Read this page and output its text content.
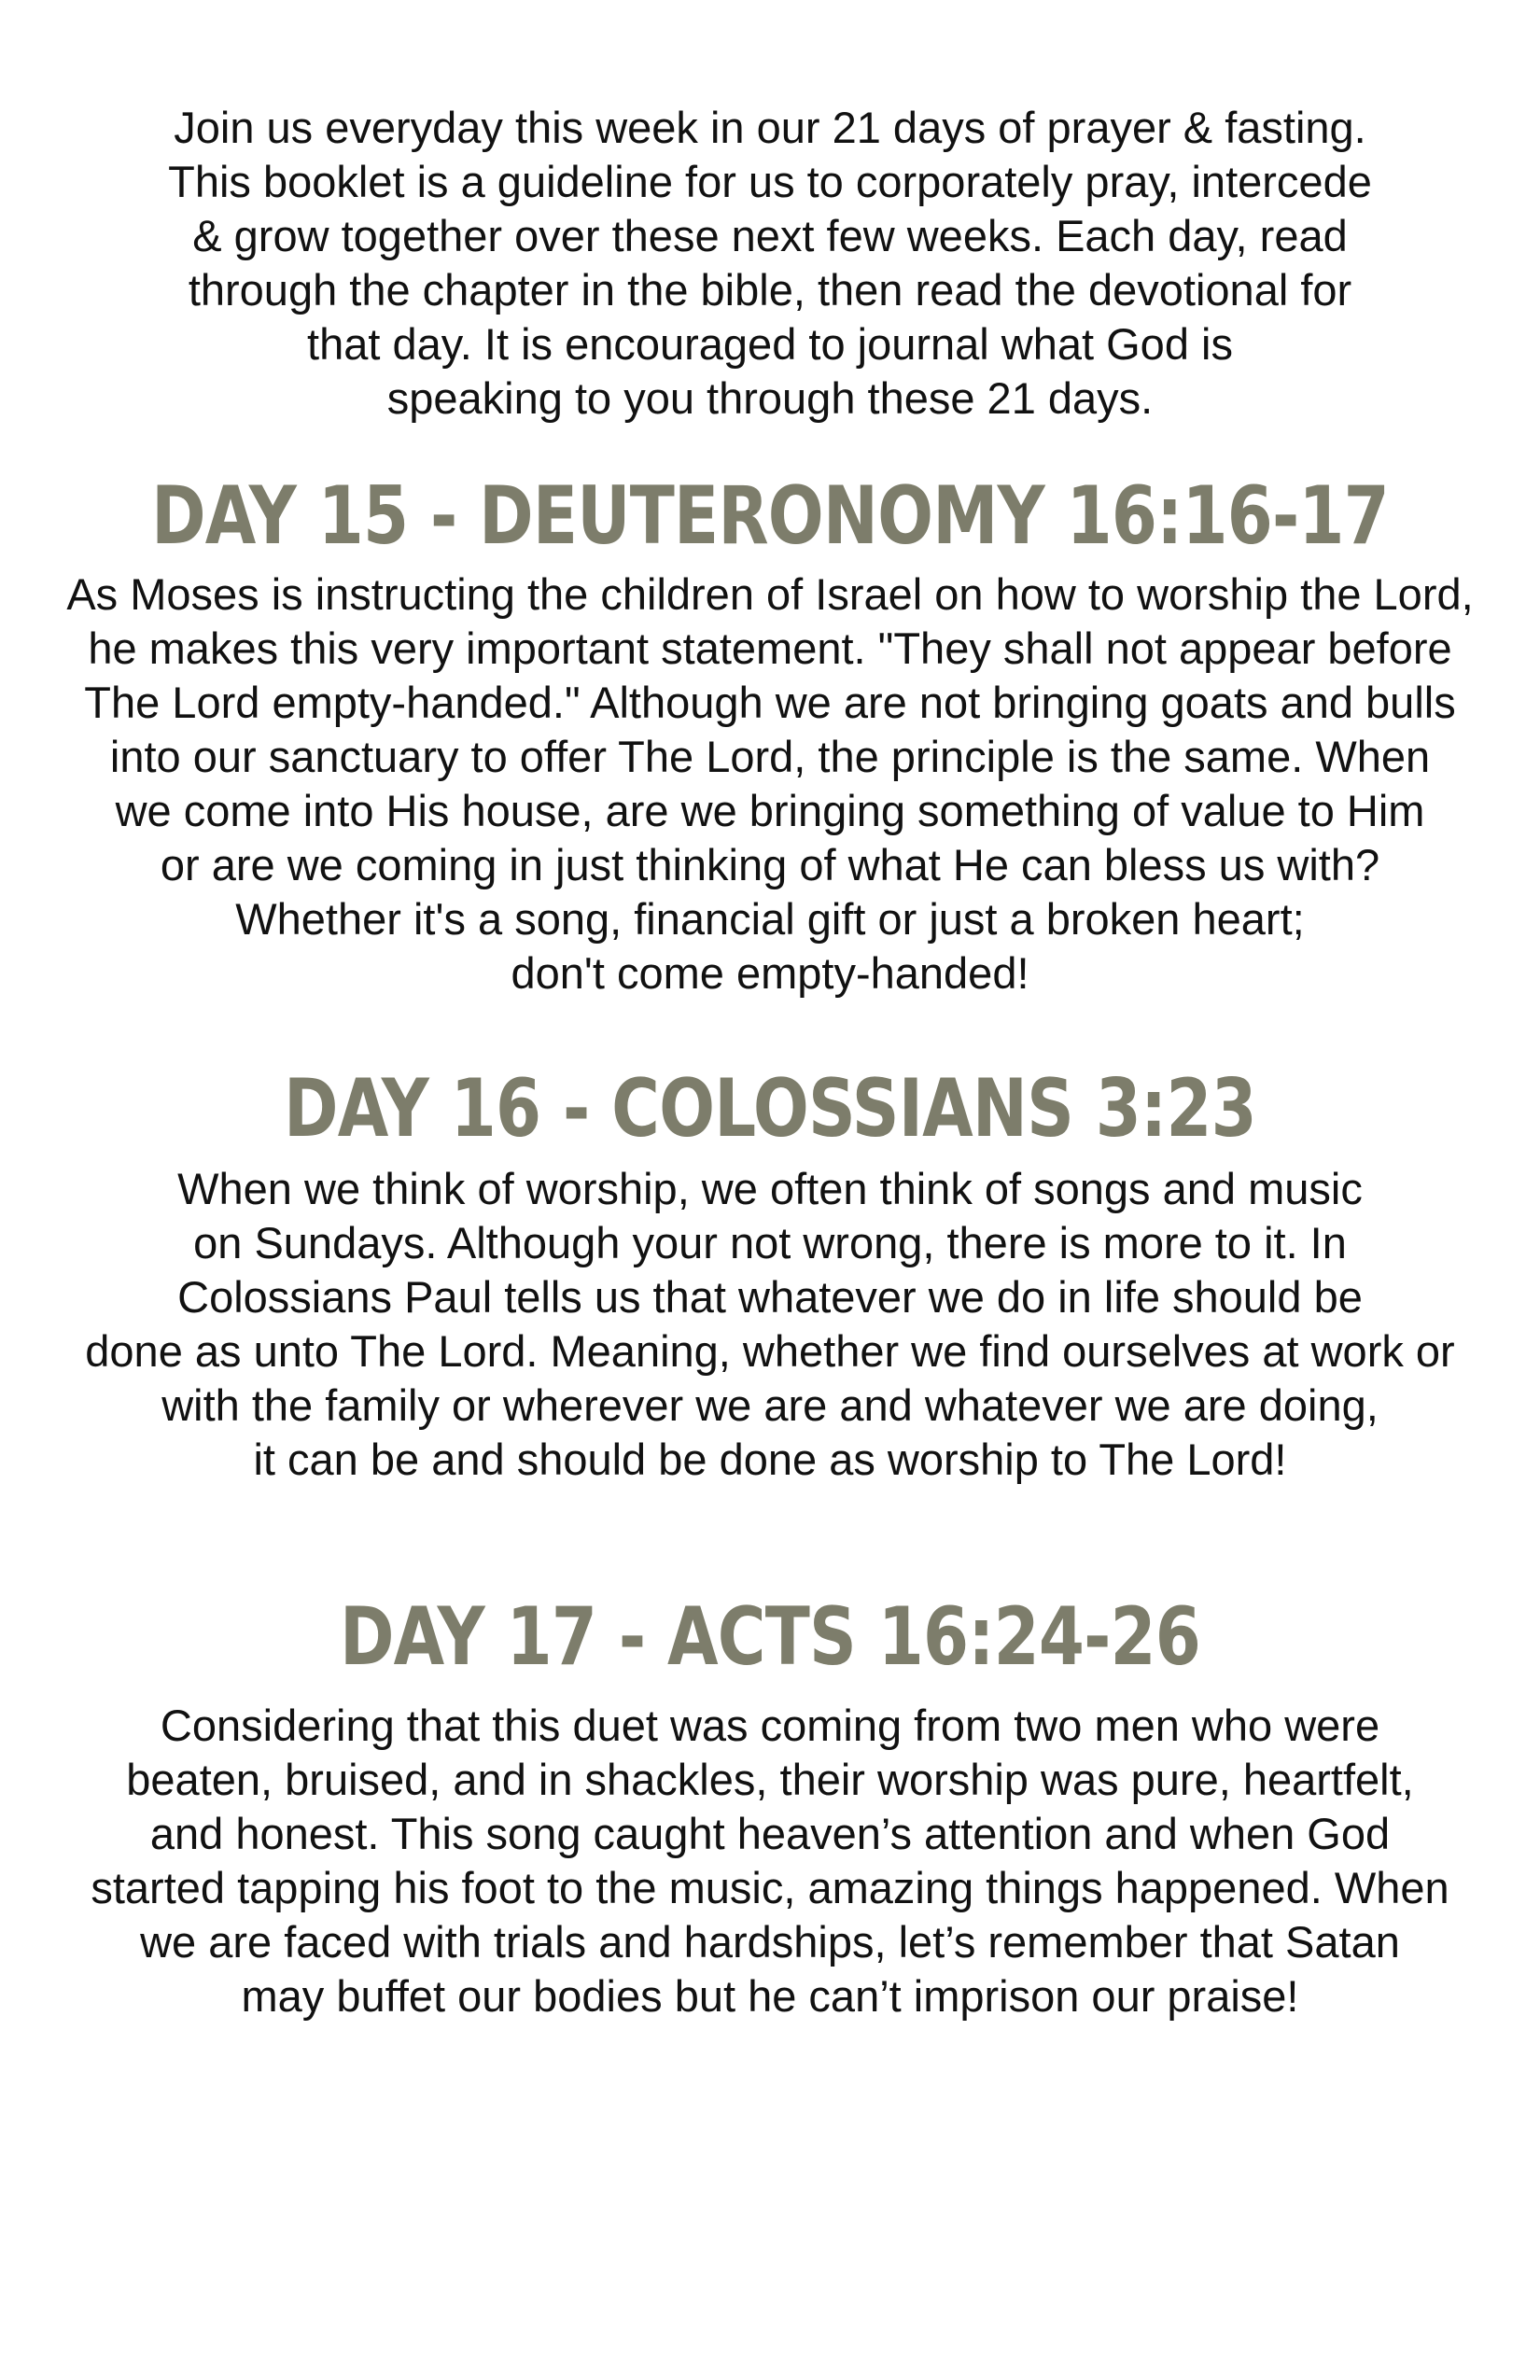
Join us everyday this week in our 21 days of prayer & fasting.
This booklet is a guideline for us to corporately pray, intercede
& grow together over these next few weeks. Each day, read
through the chapter in the bible, then read the devotional for
that day. It is encouraged to journal what God is
speaking to you through these 21 days.
DAY 15 - DEUTERONOMY 16:16-17
As Moses is instructing the children of Israel on how to worship the Lord,
he makes this very important statement. "They shall not appear before
The Lord empty-handed." Although we are not bringing goats and bulls
into our sanctuary to offer The Lord, the principle is the same. When
we come into His house, are we bringing something of value to Him
or are we coming in just thinking of what He can bless us with?
Whether it's a song, financial gift or just a broken heart;
don't come empty-handed!
DAY 16 - COLOSSIANS 3:23
When we think of worship, we often think of songs and music
on Sundays. Although your not wrong, there is more to it. In
Colossians Paul tells us that whatever we do in life should be
done as unto The Lord. Meaning, whether we find ourselves at work or
with the family or wherever we are and whatever we are doing,
it can be and should be done as worship to The Lord!
DAY 17 - ACTS 16:24-26
Considering that this duet was coming from two men who were
beaten, bruised, and in shackles, their worship was pure, heartfelt,
and honest. This song caught heaven’s attention and when God
started tapping his foot to the music, amazing things happened. When
we are faced with trials and hardships, let’s remember that Satan
may buffet our bodies but he can’t imprison our praise!
